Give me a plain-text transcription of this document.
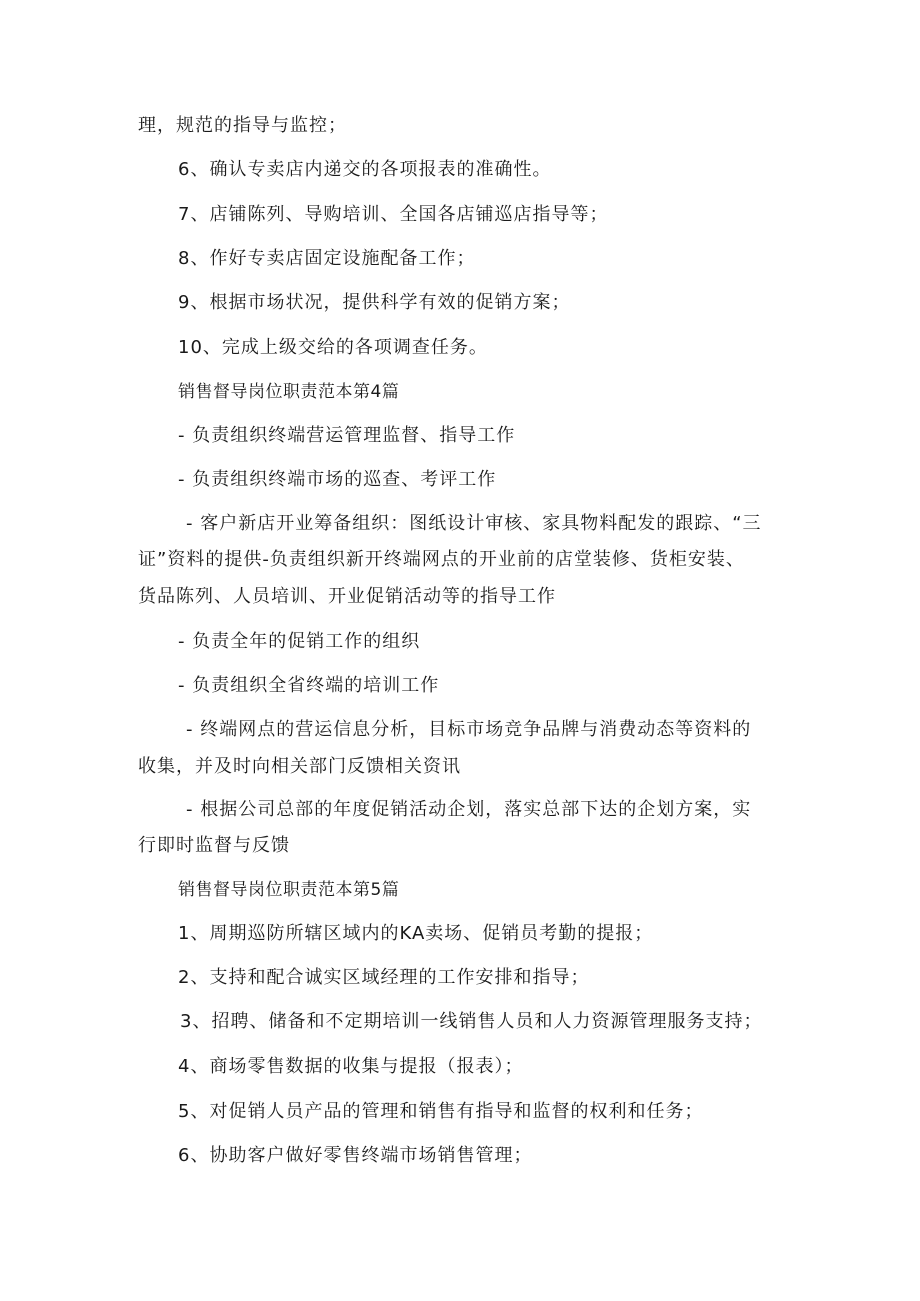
理，规范的指导与监控；
6、确认专卖店内递交的各项报表的准确性。
7、店铺陈列、导购培训、全国各店铺巡店指导等；
8、作好专卖店固定设施配备工作；
9、根据市场状况，提供科学有效的促销方案；
10、完成上级交给的各项调查任务。
销售督导岗位职责范本第4篇
- 负责组织终端营运管理监督、指导工作
- 负责组织终端市场的巡查、考评工作
- 客户新店开业筹备组织：图纸设计审核、家具物料配发的跟踪、“三
证”资料的提供-负责组织新开终端网点的开业前的店堂装修、货柜安装、
货品陈列、人员培训、开业促销活动等的指导工作
- 负责全年的促销工作的组织
- 负责组织全省终端的培训工作
- 终端网点的营运信息分析，目标市场竞争品牌与消费动态等资料的
收集，并及时向相关部门反馈相关资讯
- 根据公司总部的年度促销活动企划，落实总部下达的企划方案，实
行即时监督与反馈
销售督导岗位职责范本第5篇
1、周期巡防所辖区域内的KA卖场、促销员考勤的提报；
2、支持和配合诚实区域经理的工作安排和指导；
3、招聘、储备和不定期培训一线销售人员和人力资源管理服务支持；
4、商场零售数据的收集与提报（报表）；
5、对促销人员产品的管理和销售有指导和监督的权利和任务；
6、协助客户做好零售终端市场销售管理；
